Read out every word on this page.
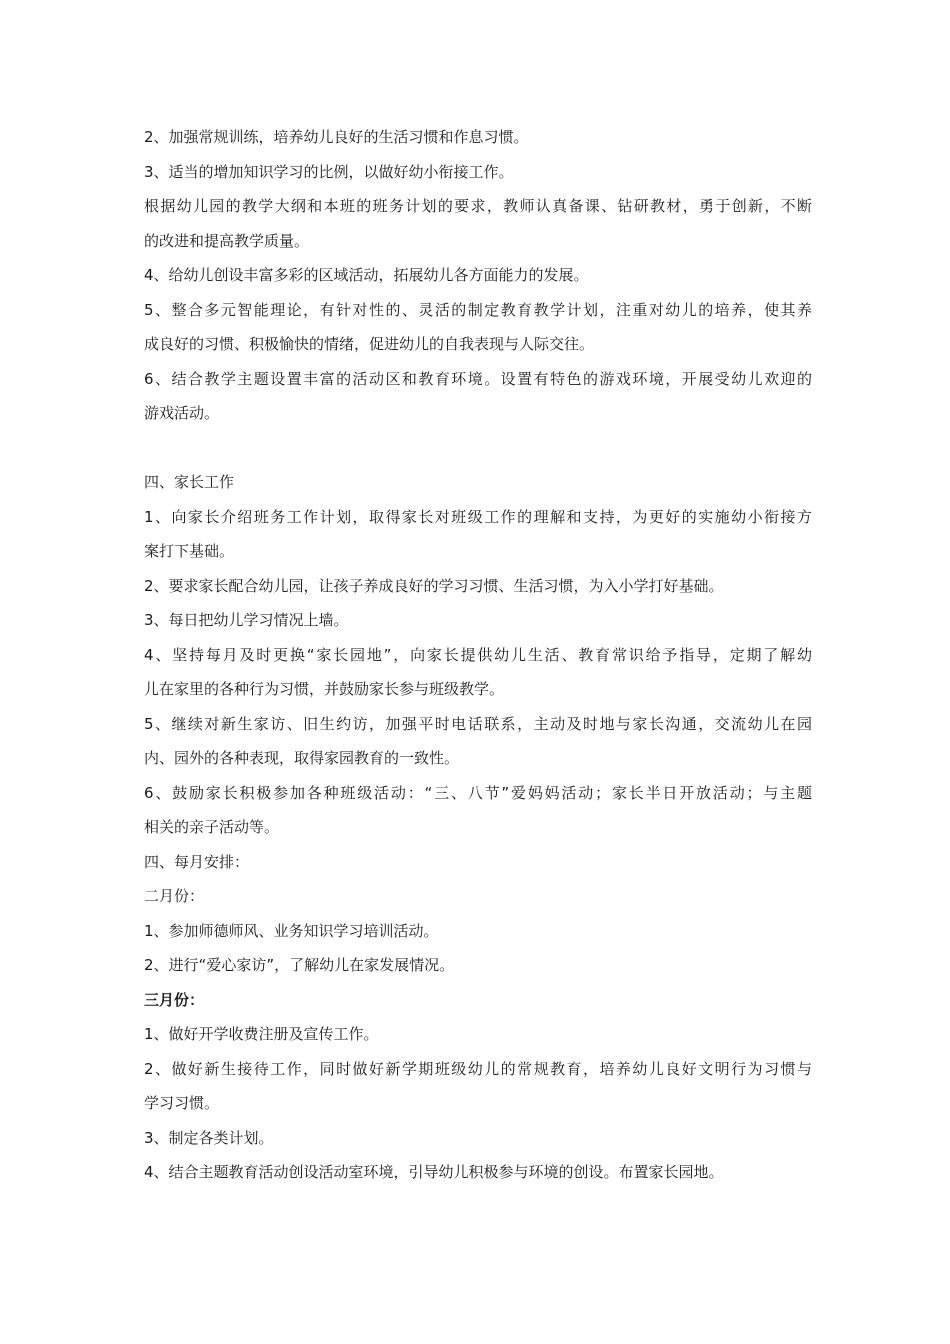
2、加强常规训练，培养幼儿良好的生活习惯和作息习惯。

3、适当的增加知识学习的比例，以做好幼小衔接工作。

根据幼儿园的教学大纲和本班的班务计划的要求，教师认真备课、钻研教材，勇于创新，不断

的改进和提高教学质量。

4、给幼儿创设丰富多彩的区域活动，拓展幼儿各方面能力的发展。

5、整合多元智能理论，有针对性的、灵活的制定教育教学计划，注重对幼儿的培养，使其养

成良好的习惯、积极愉快的情绪，促进幼儿的自我表现与人际交往。

6、结合教学主题设置丰富的活动区和教育环境。设置有特色的游戏环境，开展受幼儿欢迎的

游戏活动。

四、家长工作

1、向家长介绍班务工作计划，取得家长对班级工作的理解和支持，为更好的实施幼小衔接方

案打下基础。

2、要求家长配合幼儿园，让孩子养成良好的学习习惯、生活习惯，为入小学打好基础。

3、每日把幼儿学习情况上墙。

4、坚持每月及时更换“家长园地”，向家长提供幼儿生活、教育常识给予指导，定期了解幼

儿在家里的各种行为习惯，并鼓励家长参与班级教学。

5、继续对新生家访、旧生约访，加强平时电话联系，主动及时地与家长沟通，交流幼儿在园

内、园外的各种表现，取得家园教育的一致性。

6、鼓励家长积极参加各种班级活动：“三、八节”爱妈妈活动；家长半日开放活动；与主题

相关的亲子活动等。

四、每月安排：

二月份：

1、参加师德师风、业务知识学习培训活动。

2、进行“爱心家访”，了解幼儿在家发展情况。

三月份：

1、做好开学收费注册及宣传工作。

2、做好新生接待工作，同时做好新学期班级幼儿的常规教育，培养幼儿良好文明行为习惯与

学习习惯。

3、制定各类计划。

4、结合主题教育活动创设活动室环境，引导幼儿积极参与环境的创设。布置家长园地。
